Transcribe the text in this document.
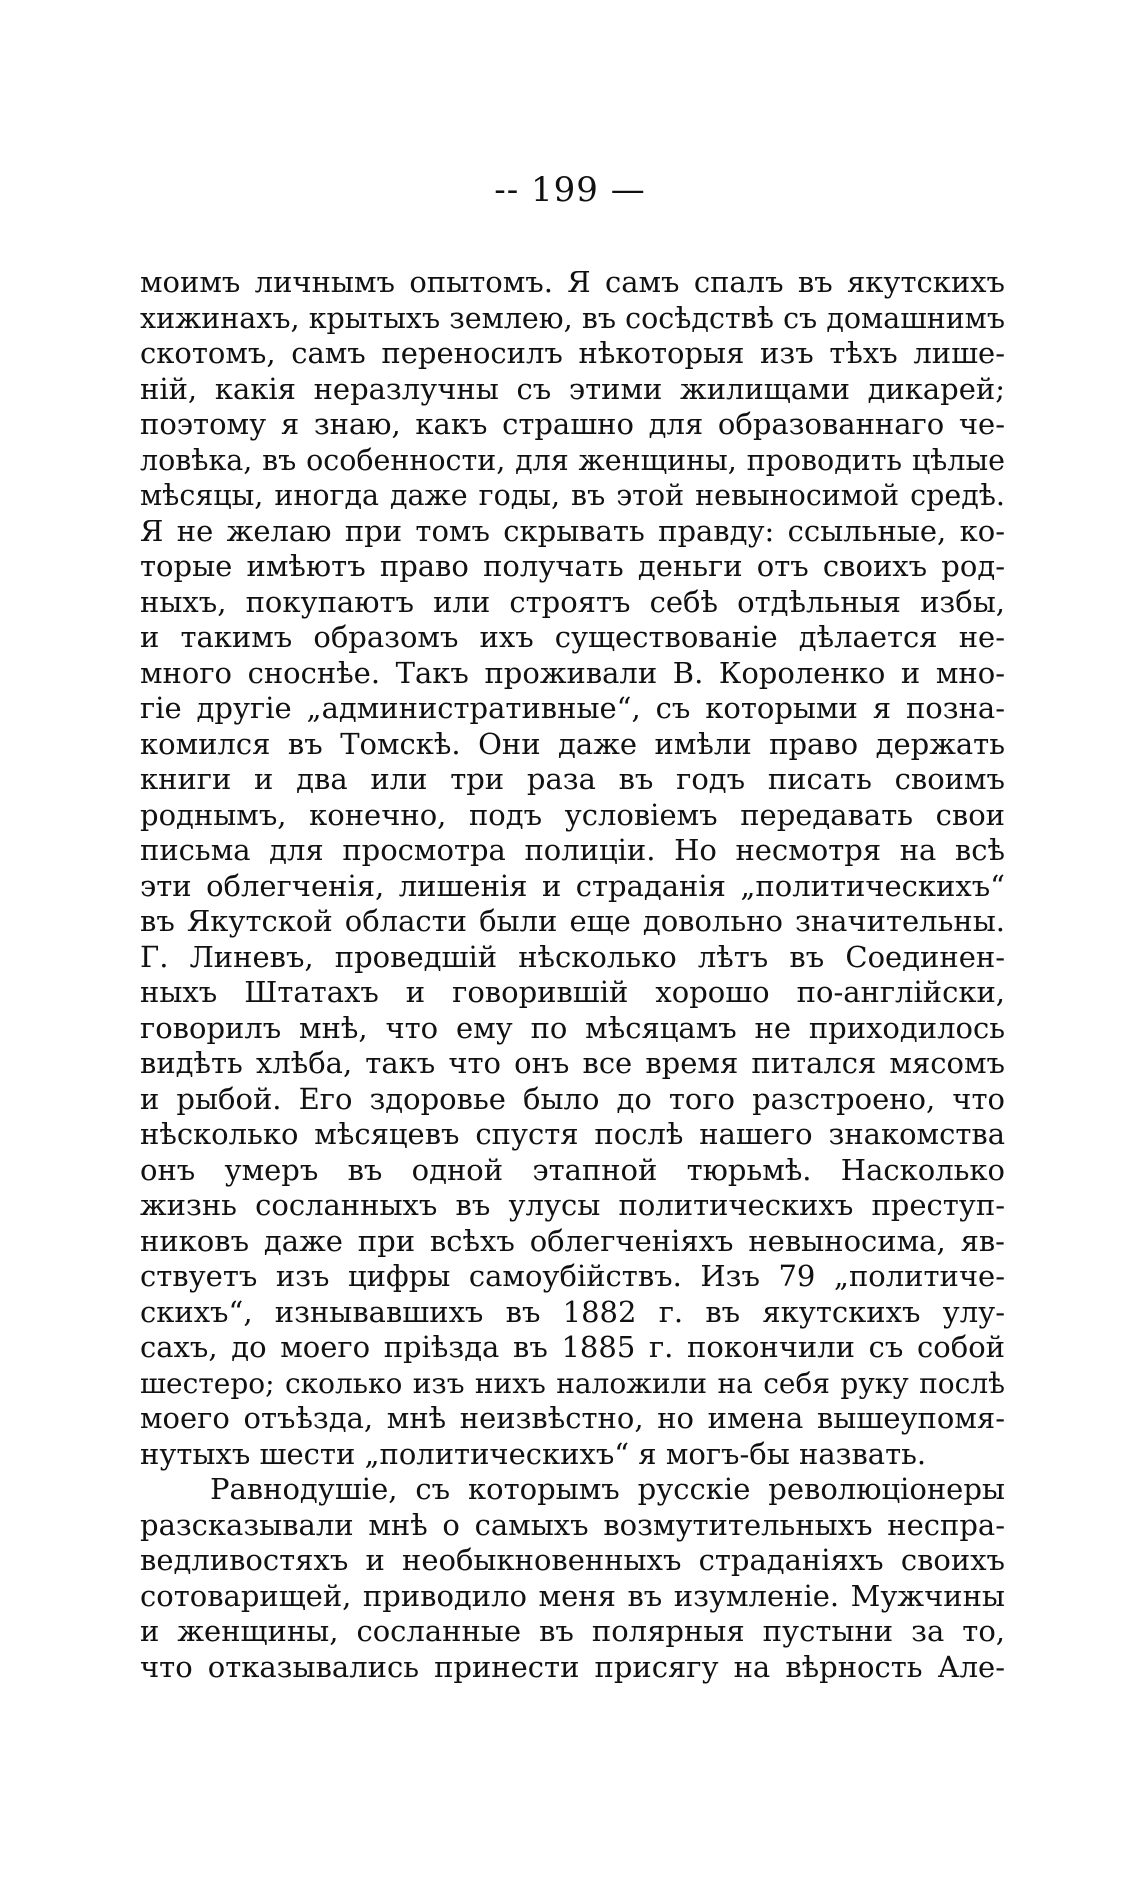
-- 199 —
моимъ личнымъ опытомъ. Я самъ спалъ въ якутскихъ
хижинахъ, крытыхъ землею, въ сосѣдствѣ съ домашнимъ
скотомъ, самъ переносилъ нѣкоторыя изъ тѣхъ лише-
ній, какія неразлучны съ этими жилищами дикарей;
поэтому я знаю, какъ страшно для образованнаго че-
ловѣка, въ особенности, для женщины, проводить цѣлые
мѣсяцы, иногда даже годы, въ этой невыносимой средѣ.
Я не желаю при томъ скрывать правду: ссыльные, ко-
торые имѣютъ право получать деньги отъ своихъ род-
ныхъ, покупаютъ или строятъ себѣ отдѣльныя избы,
и такимъ образомъ ихъ существованіе дѣлается не-
много сноснѣе. Такъ проживали В. Короленко и мно-
гіе другіе „административные“, съ которыми я позна-
комился въ Томскѣ. Они даже имѣли право держать
книги и два или три раза въ годъ писать своимъ
роднымъ, конечно, подъ условіемъ передавать свои
письма для просмотра полиціи. Но несмотря на всѣ
эти облегченія, лишенія и страданія „политическихъ“
въ Якутской области были еще довольно значительны.
Г. Линевъ, проведшій нѣсколько лѣтъ въ Соединен-
ныхъ Штатахъ и говорившій хорошо по-англійски,
говорилъ мнѣ, что ему по мѣсяцамъ не приходилось
видѣть хлѣба, такъ что онъ все время питался мясомъ
и рыбой. Его здоровье было до того разстроено, что
нѣсколько мѣсяцевъ спустя послѣ нашего знакомства
онъ умеръ въ одной этапной тюрьмѣ. Насколько
жизнь сосланныхъ въ улусы политическихъ преступ-
никовъ даже при всѣхъ облегченіяхъ невыносима, яв-
ствуетъ изъ цифры самоубійствъ. Изъ 79 „политиче-
скихъ“, изнывавшихъ въ 1882 г. въ якутскихъ улу-
сахъ, до моего пріѣзда въ 1885 г. покончили съ собой
шестеро; сколько изъ нихъ наложили на себя руку послѣ
моего отъѣзда, мнѣ неизвѣстно, но имена вышеупомя-
нутыхъ шести „политическихъ“ я могъ-бы назвать.
Равнодушіе, съ которымъ русскіе революціонеры
разсказывали мнѣ о самыхъ возмутительныхъ неспра-
ведливостяхъ и необыкновенныхъ страданіяхъ своихъ
сотоварищей, приводило меня въ изумленіе. Мужчины
и женщины, сосланные въ полярныя пустыни за то,
что отказывались принести присягу на вѣрность Але-
